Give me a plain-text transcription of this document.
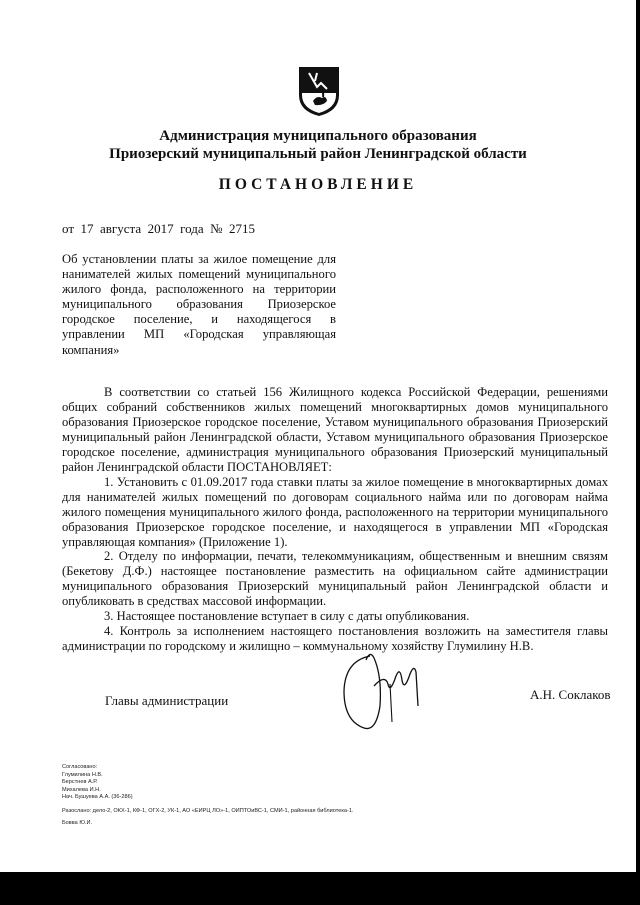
Администрация муниципального образования
Приозерский муниципальный район Ленинградской области
ПОСТАНОВЛЕНИЕ
от  17  августа  2017  года  №  2715
Об установлении платы за жилое помещение для нанимателей жилых помещений муниципального жилого фонда, расположенного на территории муниципального образования Приозерское городское поселение, и находящегося в управлении МП «Городская управляющая компания»

В соответствии со статьей 156 Жилищного кодекса Российской Федерации, решениями общих собраний собственников жилых помещений многоквартирных домов муниципального образования Приозерское городское поселение, Уставом муниципального образования Приозерский муниципальный район Ленинградской области, Уставом муниципального образования Приозерское городское поселение, администрация муниципального образования Приозерский муниципальный район Ленинградской области ПОСТАНОВЛЯЕТ:

1. Установить с 01.09.2017 года ставки платы за жилое помещение в многоквартирных домах для нанимателей жилых помещений по договорам социального найма или по договорам найма жилого помещения муниципального жилого фонда, расположенного на территории муниципального образования Приозерское городское поселение, и находящегося в управлении МП «Городская управляющая компания» (Приложение 1).

2. Отделу по информации, печати, телекоммуникациям, общественным и внешним связям (Бекетову Д.Ф.) настоящее постановление разместить на официальном сайте администрации муниципального образования Приозерский муниципальный район Ленинградской области и опубликовать в средствах массовой информации.

3. Настоящее постановление вступает в силу с даты опубликования.

4. Контроль за исполнением настоящего постановления возложить на заместителя главы администрации по городскому и жилищно – коммунальному хозяйству Глумилину Н.В.

Главы администрации	А.Н. Соклаков
Согласовано:
Глумилина Н.В.
Берстнев А.Р.
Михалева И.Н.
Нач. Бушуева А.А. (36-286)
Разослано: дело-2, ОКХ-1, КФ-1, ОГХ-2, УК-1, АО «ЕИРЦ ЛО»-1, ОИПТОиВС-1, СМИ-1, районная библиотека-1.
Бовва Ю.И.
